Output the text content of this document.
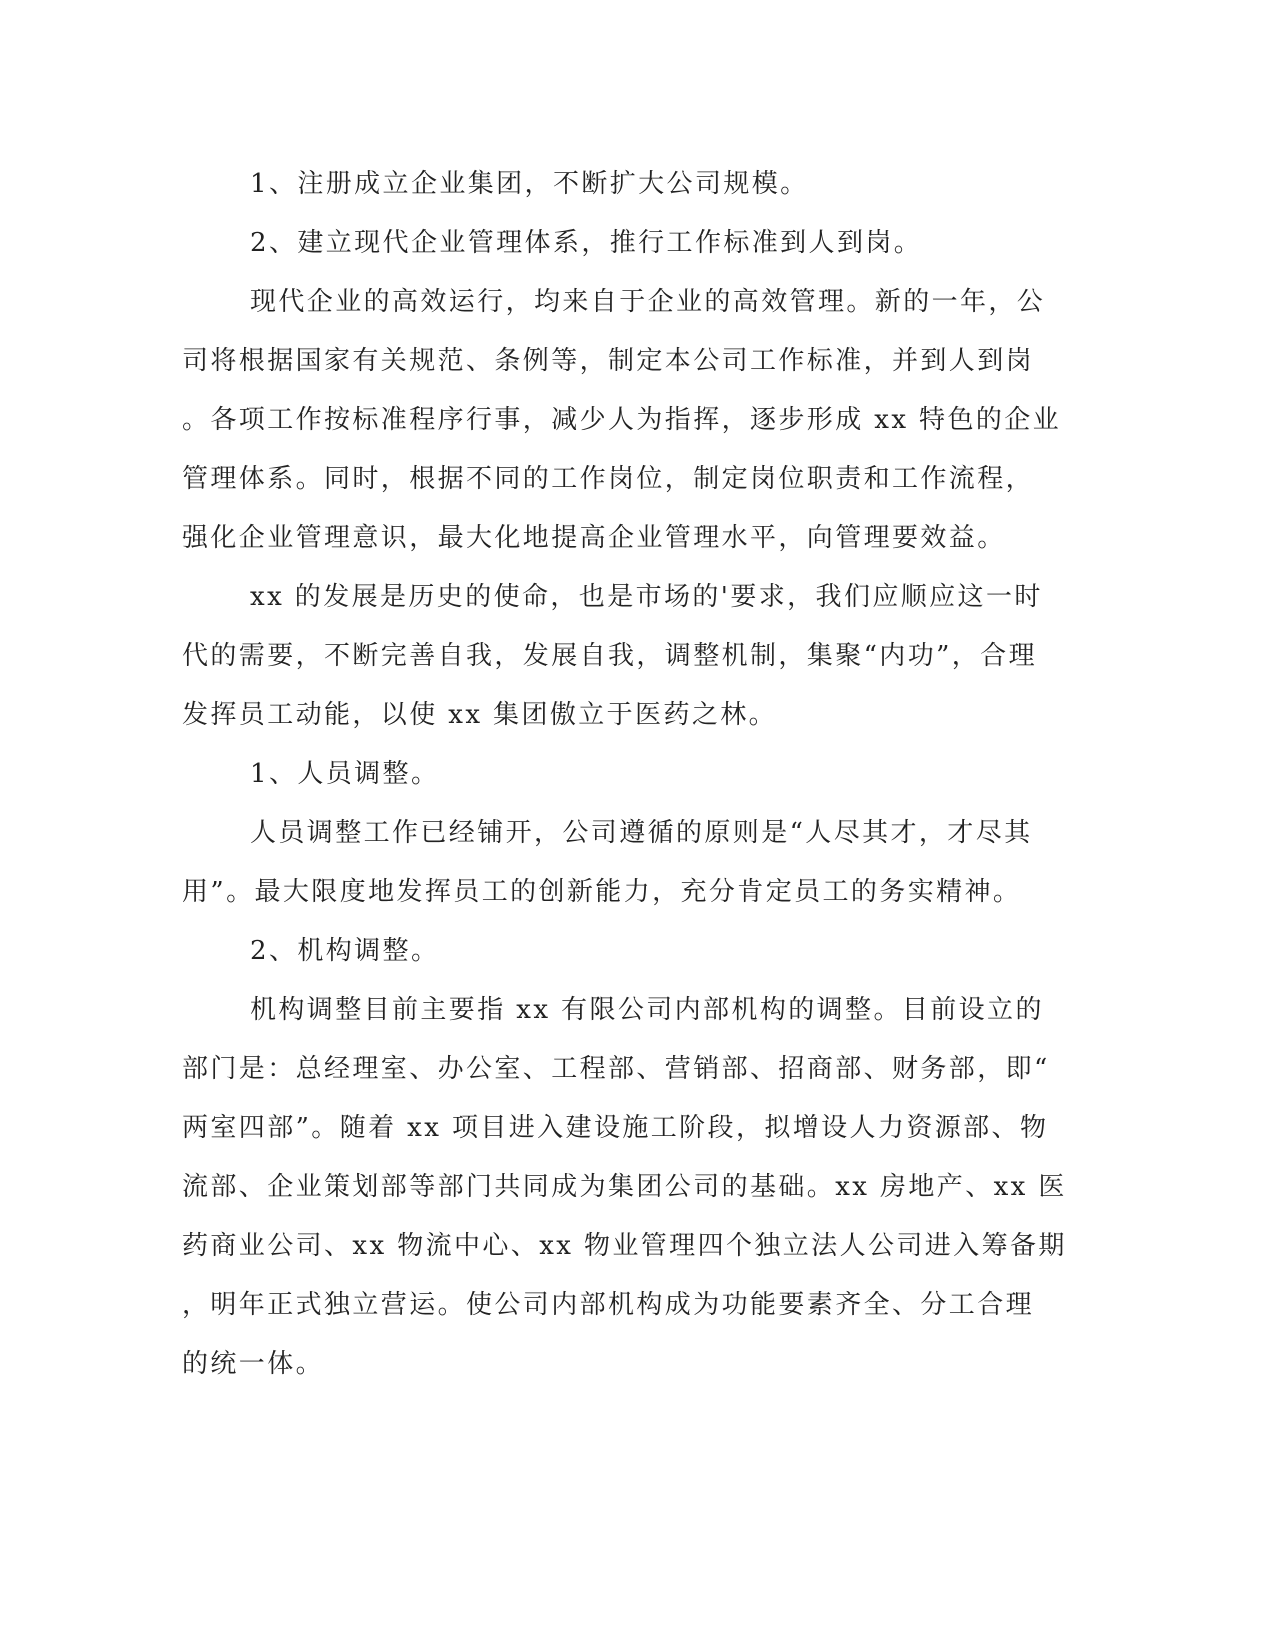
1、注册成立企业集团，不断扩大公司规模。
2、建立现代企业管理体系，推行工作标准到人到岗。
现代企业的高效运行，均来自于企业的高效管理。新的一年，公
司将根据国家有关规范、条例等，制定本公司工作标准，并到人到岗
。各项工作按标准程序行事，减少人为指挥，逐步形成 xx 特色的企业
管理体系。同时，根据不同的工作岗位，制定岗位职责和工作流程，
强化企业管理意识，最大化地提高企业管理水平，向管理要效益。
xx 的发展是历史的使命，也是市场的'要求，我们应顺应这一时
代的需要，不断完善自我，发展自我，调整机制，集聚“内功”，合理
发挥员工动能，以使 xx 集团傲立于医药之林。
1、人员调整。
人员调整工作已经铺开，公司遵循的原则是“人尽其才，才尽其
用”。最大限度地发挥员工的创新能力，充分肯定员工的务实精神。
2、机构调整。
机构调整目前主要指 xx 有限公司内部机构的调整。目前设立的
部门是：总经理室、办公室、工程部、营销部、招商部、财务部，即“
两室四部”。随着 xx 项目进入建设施工阶段，拟增设人力资源部、物
流部、企业策划部等部门共同成为集团公司的基础。xx 房地产、xx 医
药商业公司、xx 物流中心、xx 物业管理四个独立法人公司进入筹备期
，明年正式独立营运。使公司内部机构成为功能要素齐全、分工合理
的统一体。
